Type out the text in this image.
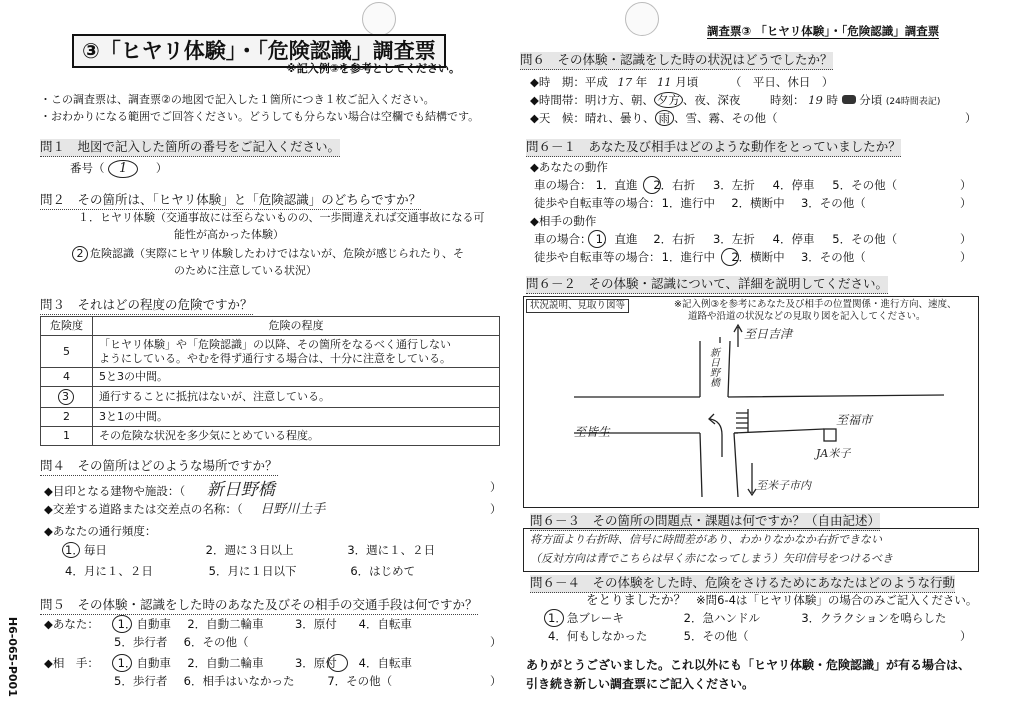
③「ヒヤリ体験」・「危険認識」調査票
※記入例③を参考としてください。
調査票③ 「ヒヤリ体験」・「危険認識」調査票
H6-065-P001
・この調査票は、調査票②の地図で記入した１箇所につき１枚ご記入ください。
・おわかりになる範囲でご回答ください。どうしても分らない場合は空欄でも結構です。
問１　地図で記入した箇所の番号をご記入ください。
番号（ 1 ）
問２　その箇所は、「ヒヤリ体験」と「危険認識」のどちらですか？
１．ヒヤリ体験（交通事故には至らないものの、一歩間違えれば交通事故になる可
能性が高かった体験）
2 危険認識（実際にヒヤリ体験したわけではないが、危険が感じられたり、そ
のために注意している状況）
問３　それはどの程度の危険ですか？
危険度	危険の程度
5	「ヒヤリ体験」や「危険認識」の以降、その箇所をなるべく通行しない
ようにしている。やむを得ず通行する場合は、十分に注意をしている。

4	5と3の中間。
3	通行することに抵抗はないが、注意している。
2	3と1の中間。
1	その危険な状況を多少気にとめている程度。
問４　その箇所はどのような場所ですか？
◆目印となる建物や施設：（ 新日野橋	）
◆交差する道路または交差点の名称：（ 日野川土手	）
◆あなたの通行頻度：
1．毎日	2．週に３日以上	3．週に１、２日
4．月に１、２日	5．月に１日以下	6．はじめて
問５　その体験・認識をした時のあなた及びその相手の交通手段は何ですか？
◆あなた： 1．自動車 2．自動二輪車	3．原付 4．自転車
5．歩行者 6．その他（	）
◆相　手： 1．自動車 2．自動二輪車	3．原付 4．自転車
5．歩行者 6．相手はいなかった	7．その他（	）
問６　その体験・認識をした時の状況はどうでしたか？
◆時　期：平成 17 年 11 月頃	（　平日、休日　）
◆時間帯：明け方、朝、 夕方 、夜、深夜	時刻： 19 時 分頃 (24時間表記)
◆天　候：晴れ、曇り、 雨 、雪、霧、その他（	）
問６－１　あなた及び相手はどのような動作をとっていましたか？
◆あなたの動作
車の場合： 1．直進 2．右折 3．左折 4．停車 5．その他（	）
徒歩や自転車等の場合： 1．進行中 2．横断中 3．その他（	）
◆相手の動作
車の場合： 1．直進 2．右折 3．左折 4．停車 5．その他（	）
徒歩や自転車等の場合： 1．進行中 2．横断中 3．その他（	）
問６－２　その体験・認識について、詳細を説明してください。
状況説明、見取り図等	※記入例③を参考にあなた及び相手の位置関係・進行方向、速度、
道路や沿道の状況などの見取り図を記入してください。
至日吉津
新日野橋
至皆生
至福市
JA米子
至米子市内
問６－３　その箇所の問題点・課題は何ですか？（自由記述）
将方面より右折時、信号に時間差があり、わかりなかなか右折できない
（反対方向は青でこちらは早く赤になってしまう）矢印信号をつけるべき
問６－４　その体験をした時、危険をさけるためにあなたはどのような行動
をとりましたか？ ※問6-4は「ヒヤリ体験」の場合のみご記入ください。
1．急ブレーキ	2．急ハンドル	3．クラクションを鳴らした
4．何もしなかった	5．その他（	）
ありがとうございました。これ以外にも「ヒヤリ体験・危険認識」が有る場合は、
引き続き新しい調査票にご記入ください。
